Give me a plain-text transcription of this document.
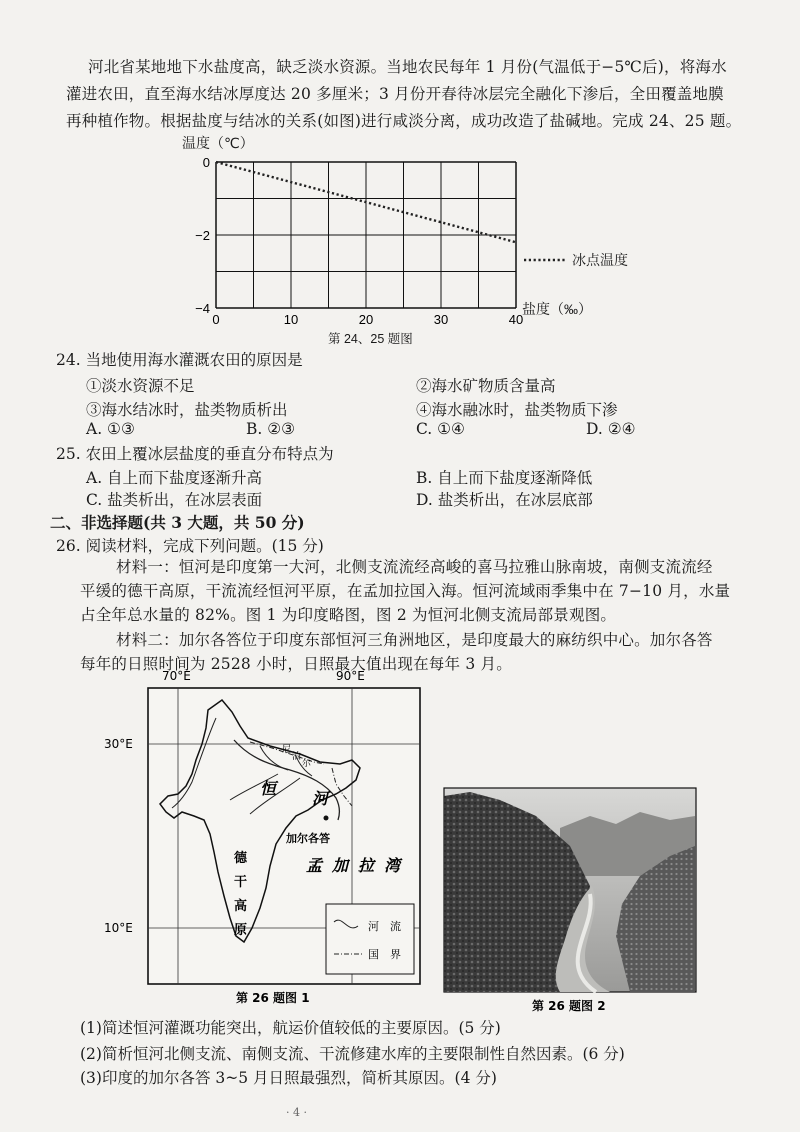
河北省某地地下水盐度高，缺乏淡水资源。当地农民每年 1 月份(气温低于−5℃后)，将海水
灌进农田，直至海水结冰厚度达 20 多厘米；3 月份开春待冰层完全融化下渗后，全田覆盖地膜
再种植作物。根据盐度与结冰的关系(如图)进行咸淡分离，成功改造了盐碱地。完成 24、25 题。
温度（℃）
0	10	20	30	40
0
−2
−4
冰点温度
盐度（‰）
第 24、25 题图
24. 当地使用海水灌溉农田的原因是
①淡水资源不足	②海水矿物质含量高
③海水结冰时，盐类物质析出	④海水融冰时，盐类物质下渗
A. ①③	B. ②③	C. ①④	D. ②④
25. 农田上覆冰层盐度的垂直分布特点为
A. 自上而下盐度逐渐升高	B. 自上而下盐度逐渐降低
C. 盐类析出，在冰层表面	D. 盐类析出，在冰层底部
二、非选择题(共 3 大题，共 50 分)
26. 阅读材料，完成下列问题。(15 分)
材料一：恒河是印度第一大河，北侧支流流经高峻的喜马拉雅山脉南坡，南侧支流流经
平缓的德干高原，干流流经恒河平原，在孟加拉国入海。恒河流域雨季集中在 7−10 月，水量
占全年总水量的 82%。图 1 为印度略图，图 2 为恒河北侧支流局部景观图。
材料二：加尔各答位于印度东部恒河三角洲地区，是印度最大的麻纺织中心。加尔各答
每年的日照时间为 2528 小时，日照最大值出现在每年 3 月。
70°E	90°E
30°E
10°E
恒
河
尼
泊
尔
加尔各答
德
干
高
原
孟 加 拉 湾
河　流
国　界
第 26 题图 1
第 26 题图 2
(1)简述恒河灌溉功能突出，航运价值较低的主要原因。(5 分)
(2)简析恒河北侧支流、南侧支流、干流修建水库的主要限制性自然因素。(6 分)
(3)印度的加尔各答 3~5 月日照最强烈，简析其原因。(4 分)
· 4 ·
